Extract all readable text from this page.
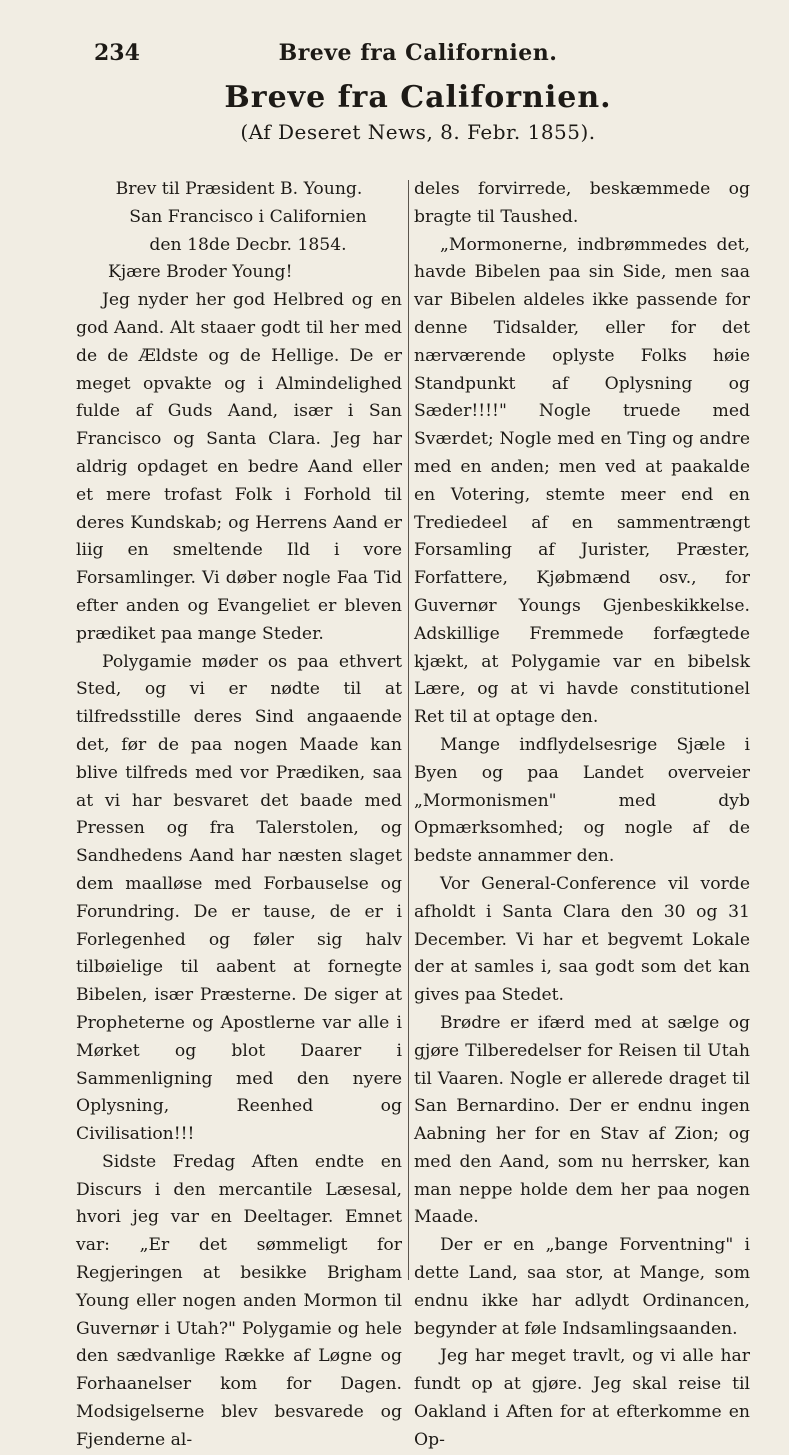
234	Breve fra Californien.
Breve fra Californien.
(Af Deseret News, 8. Febr. 1855).
Brev til Præsident B. Young.
San Francisco i Californien
den 18de Decbr. 1854.
Kjære Broder Young!

Jeg nyder her god Helbred og en god Aand. Alt staaer godt til her med de de Ældste og de Hellige. De er meget opvakte og i Almindelighed fulde af Guds Aand, især i San Francisco og Santa Clara. Jeg har aldrig opdaget en bedre Aand eller et mere trofast Folk i Forhold til deres Kundskab; og Herrens Aand er liig en smeltende Ild i vore Forsamlinger. Vi døber nogle Faa Tid efter anden og Evangeliet er bleven prædiket paa mange Steder.

Polygamie møder os paa ethvert Sted, og vi er nødte til at tilfredsstille deres Sind angaaende det, før de paa nogen Maade kan blive tilfreds med vor Prædiken, saa at vi har besvaret det baade med Pressen og fra Talerstolen, og Sandhedens Aand har næsten slaget dem maalløse med Forbauselse og Forundring. De er tause, de er i Forlegenhed og føler sig halv tilbøielige til aabent at fornegte Bibelen, især Præsterne. De siger at Propheterne og Apostlerne var alle i Mørket og blot Daarer i Sammenligning med den nyere Oplysning, Reenhed og Civilisation!!!

Sidste Fredag Aften endte en Discurs i den mercantile Læsesal, hvori jeg var en Deeltager. Emnet var: „Er det sømmeligt for Regjeringen at besikke Brigham Young eller nogen anden Mormon til Guvernør i Utah?" Polygamie og hele den sædvanlige Række af Løgne og Forhaanelser kom for Dagen. Modsigelserne blev besvarede og Fjenderne al-

deles forvirrede, beskæmmede og bragte til Taushed.

„Mormonerne, indbrømmedes det, havde Bibelen paa sin Side, men saa var Bibelen aldeles ikke passende for denne Tidsalder, eller for det nærværende oplyste Folks høie Standpunkt af Oplysning og Sæder!!!!" Nogle truede med Sværdet; Nogle med en Ting og andre med en anden; men ved at paakalde en Votering, stemte meer end en Trediedeel af en sammentrængt Forsamling af Jurister, Præster, Forfattere, Kjøbmænd osv., for Guvernør Youngs Gjenbeskikkelse. Adskillige Fremmede forfægtede kjækt, at Polygamie var en bibelsk Lære, og at vi havde constitutionel Ret til at optage den.

Mange indflydelsesrige Sjæle i Byen og paa Landet overveier „Mormonismen" med dyb Opmærksomhed; og nogle af de bedste annammer den.

Vor General-Conference vil vorde afholdt i Santa Clara den 30 og 31 December. Vi har et begvemt Lokale der at samles i, saa godt som det kan gives paa Stedet.

Brødre er ifærd med at sælge og gjøre Tilberedelser for Reisen til Utah til Vaaren. Nogle er allerede draget til San Bernardino. Der er endnu ingen Aabning her for en Stav af Zion; og med den Aand, som nu herrsker, kan man neppe holde dem her paa nogen Maade.

Der er en „bange Forventning" i dette Land, saa stor, at Mange, som endnu ikke har adlydt Ordinancen, begynder at føle Indsamlingsaanden.

Jeg har meget travlt, og vi alle har fundt op at gjøre. Jeg skal reise til Oakland i Aften for at efterkomme en Op-
